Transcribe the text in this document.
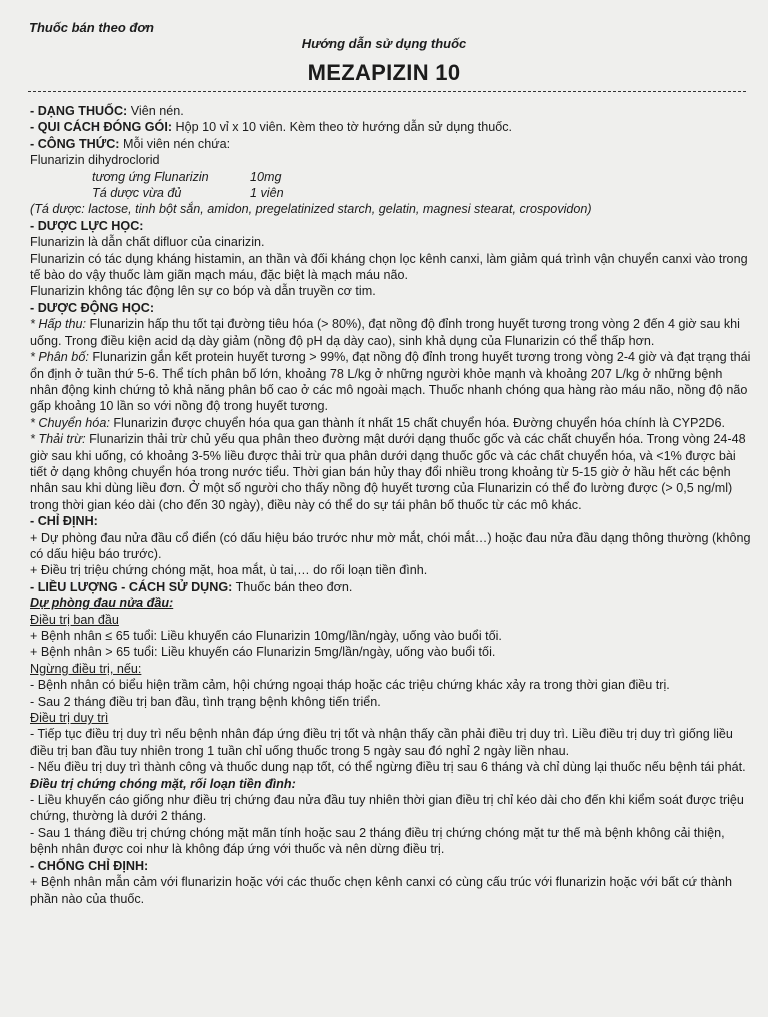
Thuốc bán theo đơn
Hướng dẫn sử dụng thuốc
MEZAPIZIN 10

- DẠNG THUỐC: Viên nén.

- QUI CÁCH ĐÓNG GÓI: Hộp 10 vỉ x 10 viên. Kèm theo tờ hướng dẫn sử dụng thuốc.

- CÔNG THỨC: Mỗi viên nén chứa:

Flunarizin dihydroclorid

tương ứng Flunarizin	10mg

Tá dược vừa đủ	1 viên

(Tá dược: lactose, tinh bột sắn, amidon, pregelatinized starch, gelatin, magnesi stearat, crospovidon)

- DƯỢC LỰC HỌC:

Flunarizin là dẫn chất difluor của cinarizin.

Flunarizin có tác dụng kháng histamin, an thần và đối kháng chọn lọc kênh canxi, làm giảm quá trình vận chuyển canxi vào trong tế bào do vậy thuốc làm giãn mạch máu, đặc biệt là mạch máu não.

Flunarizin không tác động lên sự co bóp và dẫn truyền cơ tim.

- DƯỢC ĐỘNG HỌC:

* Hấp thu: Flunarizin hấp thu tốt tại đường tiêu hóa (> 80%), đạt nồng độ đỉnh trong huyết tương trong vòng 2 đến 4 giờ sau khi uống. Trong điều kiện acid dạ dày giảm (nồng độ pH dạ dày cao), sinh khả dụng của Flunarizin có thể thấp hơn.

* Phân bố: Flunarizin gắn kết protein huyết tương > 99%, đạt nồng độ đỉnh trong huyết tương trong vòng 2-4 giờ và đạt trạng thái ổn định ở tuần thứ 5-6. Thể tích phân bố lớn, khoảng 78 L/kg ở những người khỏe mạnh và khoảng 207 L/kg ở những bệnh nhân động kinh chứng tỏ khả năng phân bố cao ở các mô ngoài mạch. Thuốc nhanh chóng qua hàng rào máu não, nồng độ não gấp khoảng 10 lần so với nồng độ trong huyết tương.

* Chuyển hóa: Flunarizin được chuyển hóa qua gan thành ít nhất 15 chất chuyển hóa. Đường chuyển hóa chính là CYP2D6.

* Thải trừ: Flunarizin thải trừ chủ yếu qua phân theo đường mật dưới dạng thuốc gốc và các chất chuyển hóa. Trong vòng 24-48 giờ sau khi uống, có khoảng 3-5% liều được thải trừ qua phân dưới dạng thuốc gốc và các chất chuyển hóa, và <1% được bài tiết ở dạng không chuyển hóa trong nước tiểu. Thời gian bán hủy thay đổi nhiều trong khoảng từ 5-15 giờ ở hầu hết các bệnh nhân sau khi dùng liều đơn. Ở một số người cho thấy nồng độ huyết tương của Flunarizin có thể đo lường được (> 0,5 ng/ml) trong thời gian kéo dài (cho đến 30 ngày), điều này có thể do sự tái phân bố thuốc từ các mô khác.

- CHỈ ĐỊNH:

+ Dự phòng đau nửa đầu cổ điển (có dấu hiệu báo trước như mờ mắt, chói mắt…) hoặc đau nửa đầu dạng thông thường (không có dấu hiệu báo trước).

+ Điều trị triệu chứng chóng mặt, hoa mắt, ù tai,… do rối loạn tiền đình.

- LIỀU LƯỢNG - CÁCH SỬ DỤNG: Thuốc bán theo đơn.

Dự phòng đau nửa đầu:

Điều trị ban đầu

+ Bệnh nhân ≤ 65 tuổi: Liều khuyến cáo Flunarizin 10mg/lần/ngày, uống vào buổi tối.

+ Bệnh nhân > 65 tuổi: Liều khuyến cáo Flunarizin 5mg/lần/ngày, uống vào buổi tối.

Ngừng điều trị, nếu:

- Bệnh nhân có biểu hiện trầm cảm, hội chứng ngoại tháp hoặc các triệu chứng khác xảy ra trong thời gian điều trị.

- Sau 2 tháng điều trị ban đầu, tình trạng bệnh không tiến triển.

Điều trị duy trì

- Tiếp tục điều trị duy trì nếu bệnh nhân đáp ứng điều trị tốt và nhận thấy cần phải điều trị duy trì. Liều điều trị duy trì giống liều điều trị ban đầu tuy nhiên trong 1 tuần chỉ uống thuốc trong 5 ngày sau đó nghỉ 2 ngày liền nhau.

- Nếu điều trị duy trì thành công và thuốc dung nạp tốt, có thể ngừng điều trị sau 6 tháng và chỉ dùng lại thuốc nếu bệnh tái phát.

Điều trị chứng chóng mặt, rối loạn tiền đình:

- Liều khuyến cáo giống như điều trị chứng đau nửa đầu tuy nhiên thời gian điều trị chỉ kéo dài cho đến khi kiểm soát được triệu chứng, thường là dưới 2 tháng.

- Sau 1 tháng điều trị chứng chóng mặt mãn tính hoặc sau 2 tháng điều trị chứng chóng mặt tư thế mà bệnh không cải thiện, bệnh nhân được coi như là không đáp ứng với thuốc và nên dừng điều trị.

- CHỐNG CHỈ ĐỊNH:

+ Bệnh nhân mẫn cảm với flunarizin hoặc với các thuốc chẹn kênh canxi có cùng cấu trúc với flunarizin hoặc với bất cứ thành phần nào của thuốc.
